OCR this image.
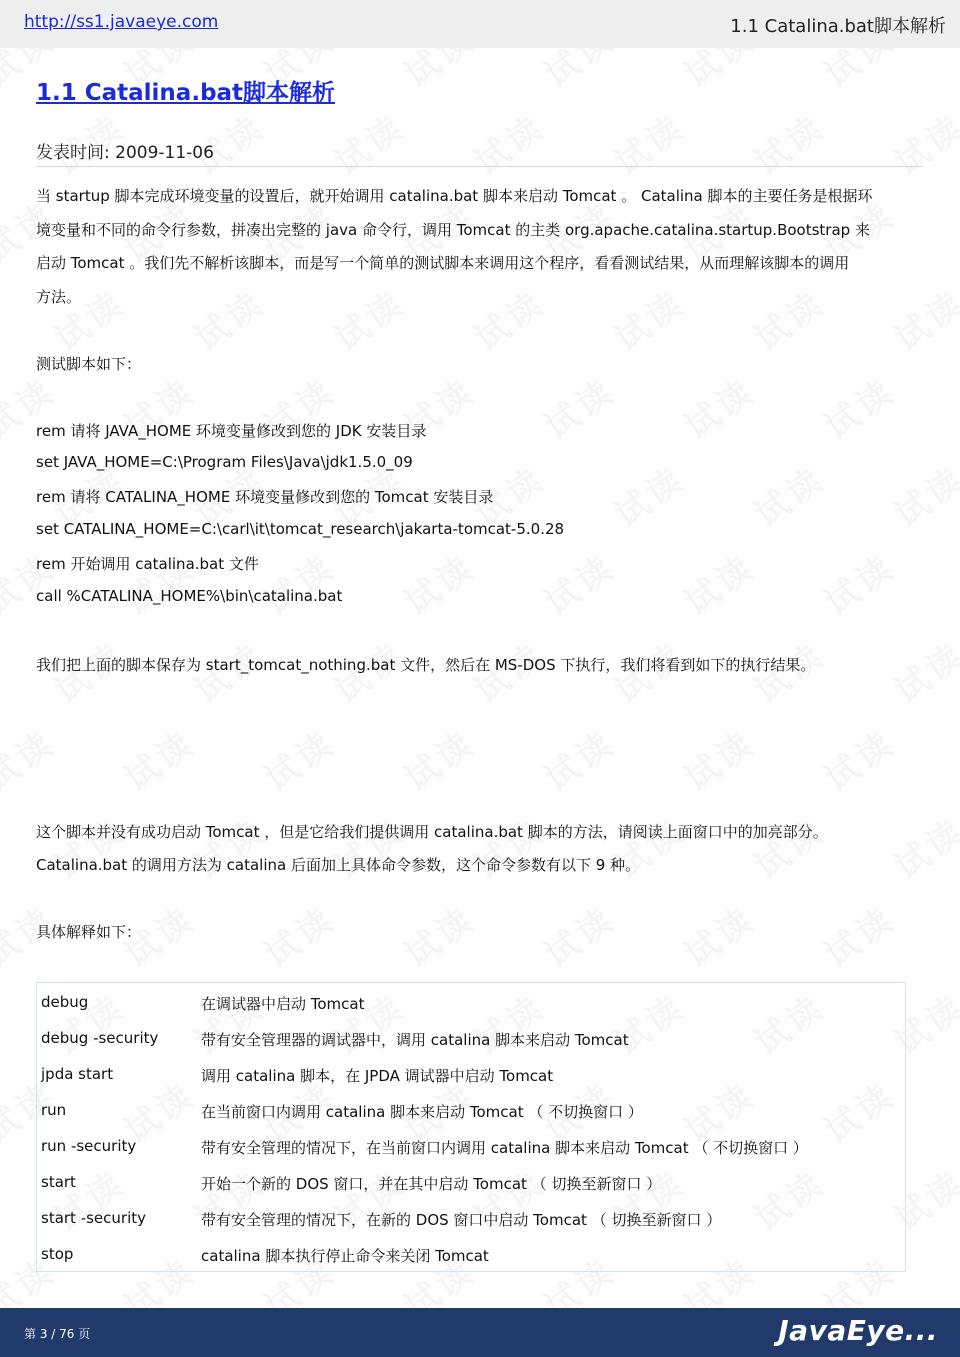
http://ss1.javaeye.com	1.1 Catalina.bat脚本解析
1.1 Catalina.bat脚本解析
发表时间: 2009-11-06
当 startup 脚本完成环境变量的设置后，就开始调用 catalina.bat 脚本来启动 Tomcat 。 Catalina 脚本的主要任务是根据环
境变量和不同的命令行参数，拼凑出完整的 java 命令行，调用 Tomcat 的主类 org.apache.catalina.startup.Bootstrap 来
启动 Tomcat 。我们先不解析该脚本，而是写一个简单的测试脚本来调用这个程序，看看测试结果，从而理解该脚本的调用
方法。
测试脚本如下：
rem 请将 JAVA_HOME 环境变量修改到您的 JDK 安装目录
set JAVA_HOME=C:\Program Files\Java\jdk1.5.0_09
rem 请将 CATALINA_HOME 环境变量修改到您的 Tomcat 安装目录
set CATALINA_HOME=C:\carl\it\tomcat_research\jakarta-tomcat-5.0.28
rem 开始调用 catalina.bat 文件
call %CATALINA_HOME%\bin\catalina.bat
我们把上面的脚本保存为 start_tomcat_nothing.bat 文件，然后在 MS-DOS 下执行，我们将看到如下的执行结果。
这个脚本并没有成功启动 Tomcat ，但是它给我们提供调用 catalina.bat 脚本的方法，请阅读上面窗口中的加亮部分。
Catalina.bat 的调用方法为 catalina 后面加上具体命令参数，这个命令参数有以下 9 种。
具体解释如下：
debug	在调试器中启动 Tomcat
debug -security	带有安全管理器的调试器中，调用 catalina 脚本来启动 Tomcat
jpda start	调用 catalina 脚本，在 JPDA 调试器中启动 Tomcat
run	在当前窗口内调用 catalina 脚本来启动 Tomcat （ 不切换窗口 ）
run -security	带有安全管理的情况下，在当前窗口内调用 catalina 脚本来启动 Tomcat （ 不切换窗口 ）
start	开始一个新的 DOS 窗口，并在其中启动 Tomcat （ 切换至新窗口 ）
start -security	带有安全管理的情况下，在新的 DOS 窗口中启动 Tomcat （ 切换至新窗口 ）
stop	catalina 脚本执行停止命令来关闭 Tomcat
第 3 / 76 页	JavaEye...
